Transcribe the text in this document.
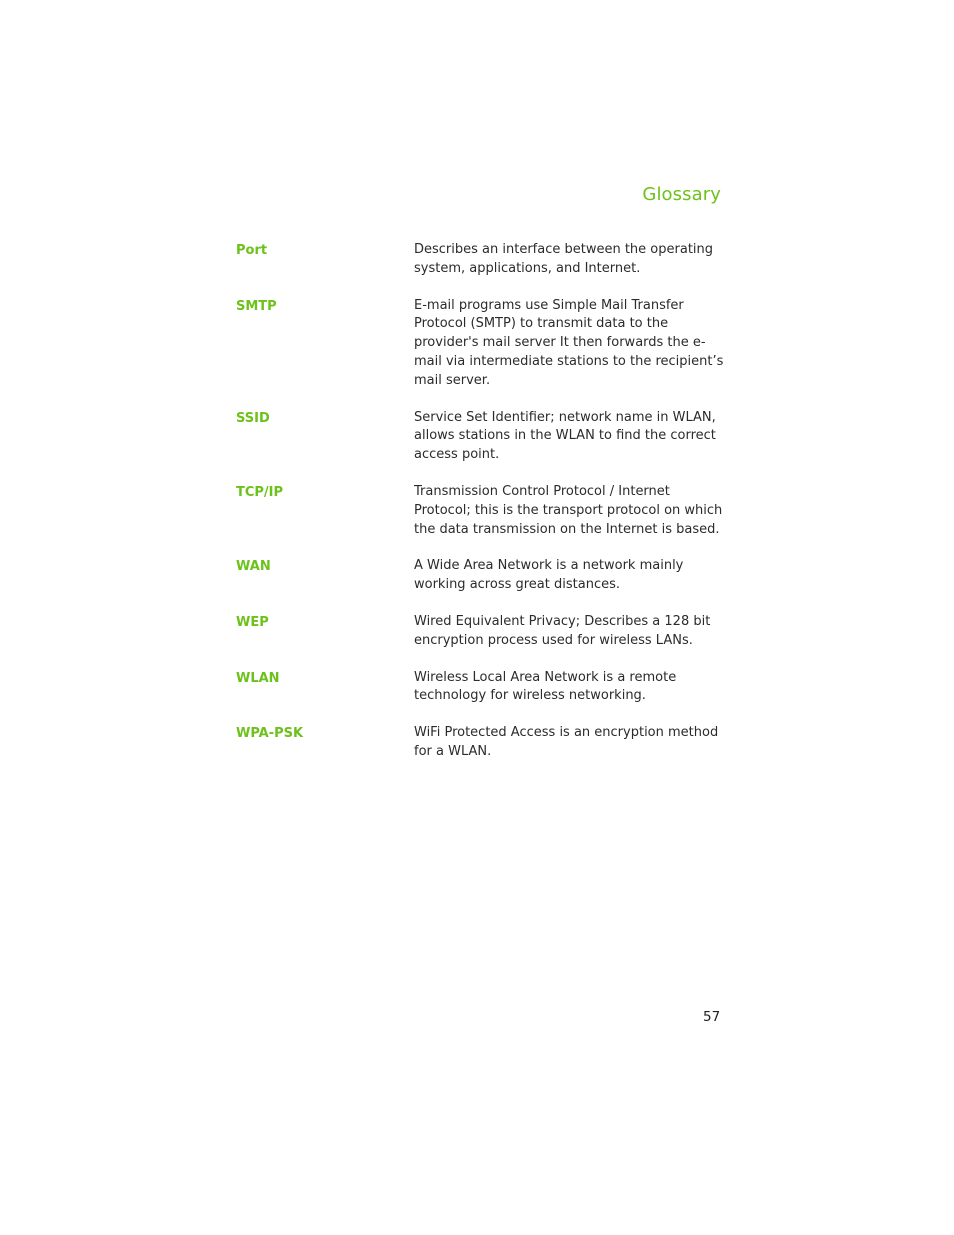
Glossary
Port	Describes an interface between the operating system, applications, and Internet.
SMTP	E-mail programs use Simple Mail Transfer Protocol (SMTP) to transmit data to the provider's mail server It then forwards the e-mail via intermediate stations to the recipient’s mail server.
SSID	Service Set Identifier; network name in WLAN, allows stations in the WLAN to find the correct access point.
TCP/IP	Transmission Control Protocol / Internet Protocol; this is the transport protocol on which the data transmission on the Internet is based.
WAN	A Wide Area Network is a network mainly working across great distances.
WEP	Wired Equivalent Privacy; Describes a 128 bit encryption process used for wireless LANs.
WLAN	Wireless Local Area Network is a remote technology for wireless networking.
WPA-PSK	WiFi Protected Access is an encryption method for a WLAN.
57
